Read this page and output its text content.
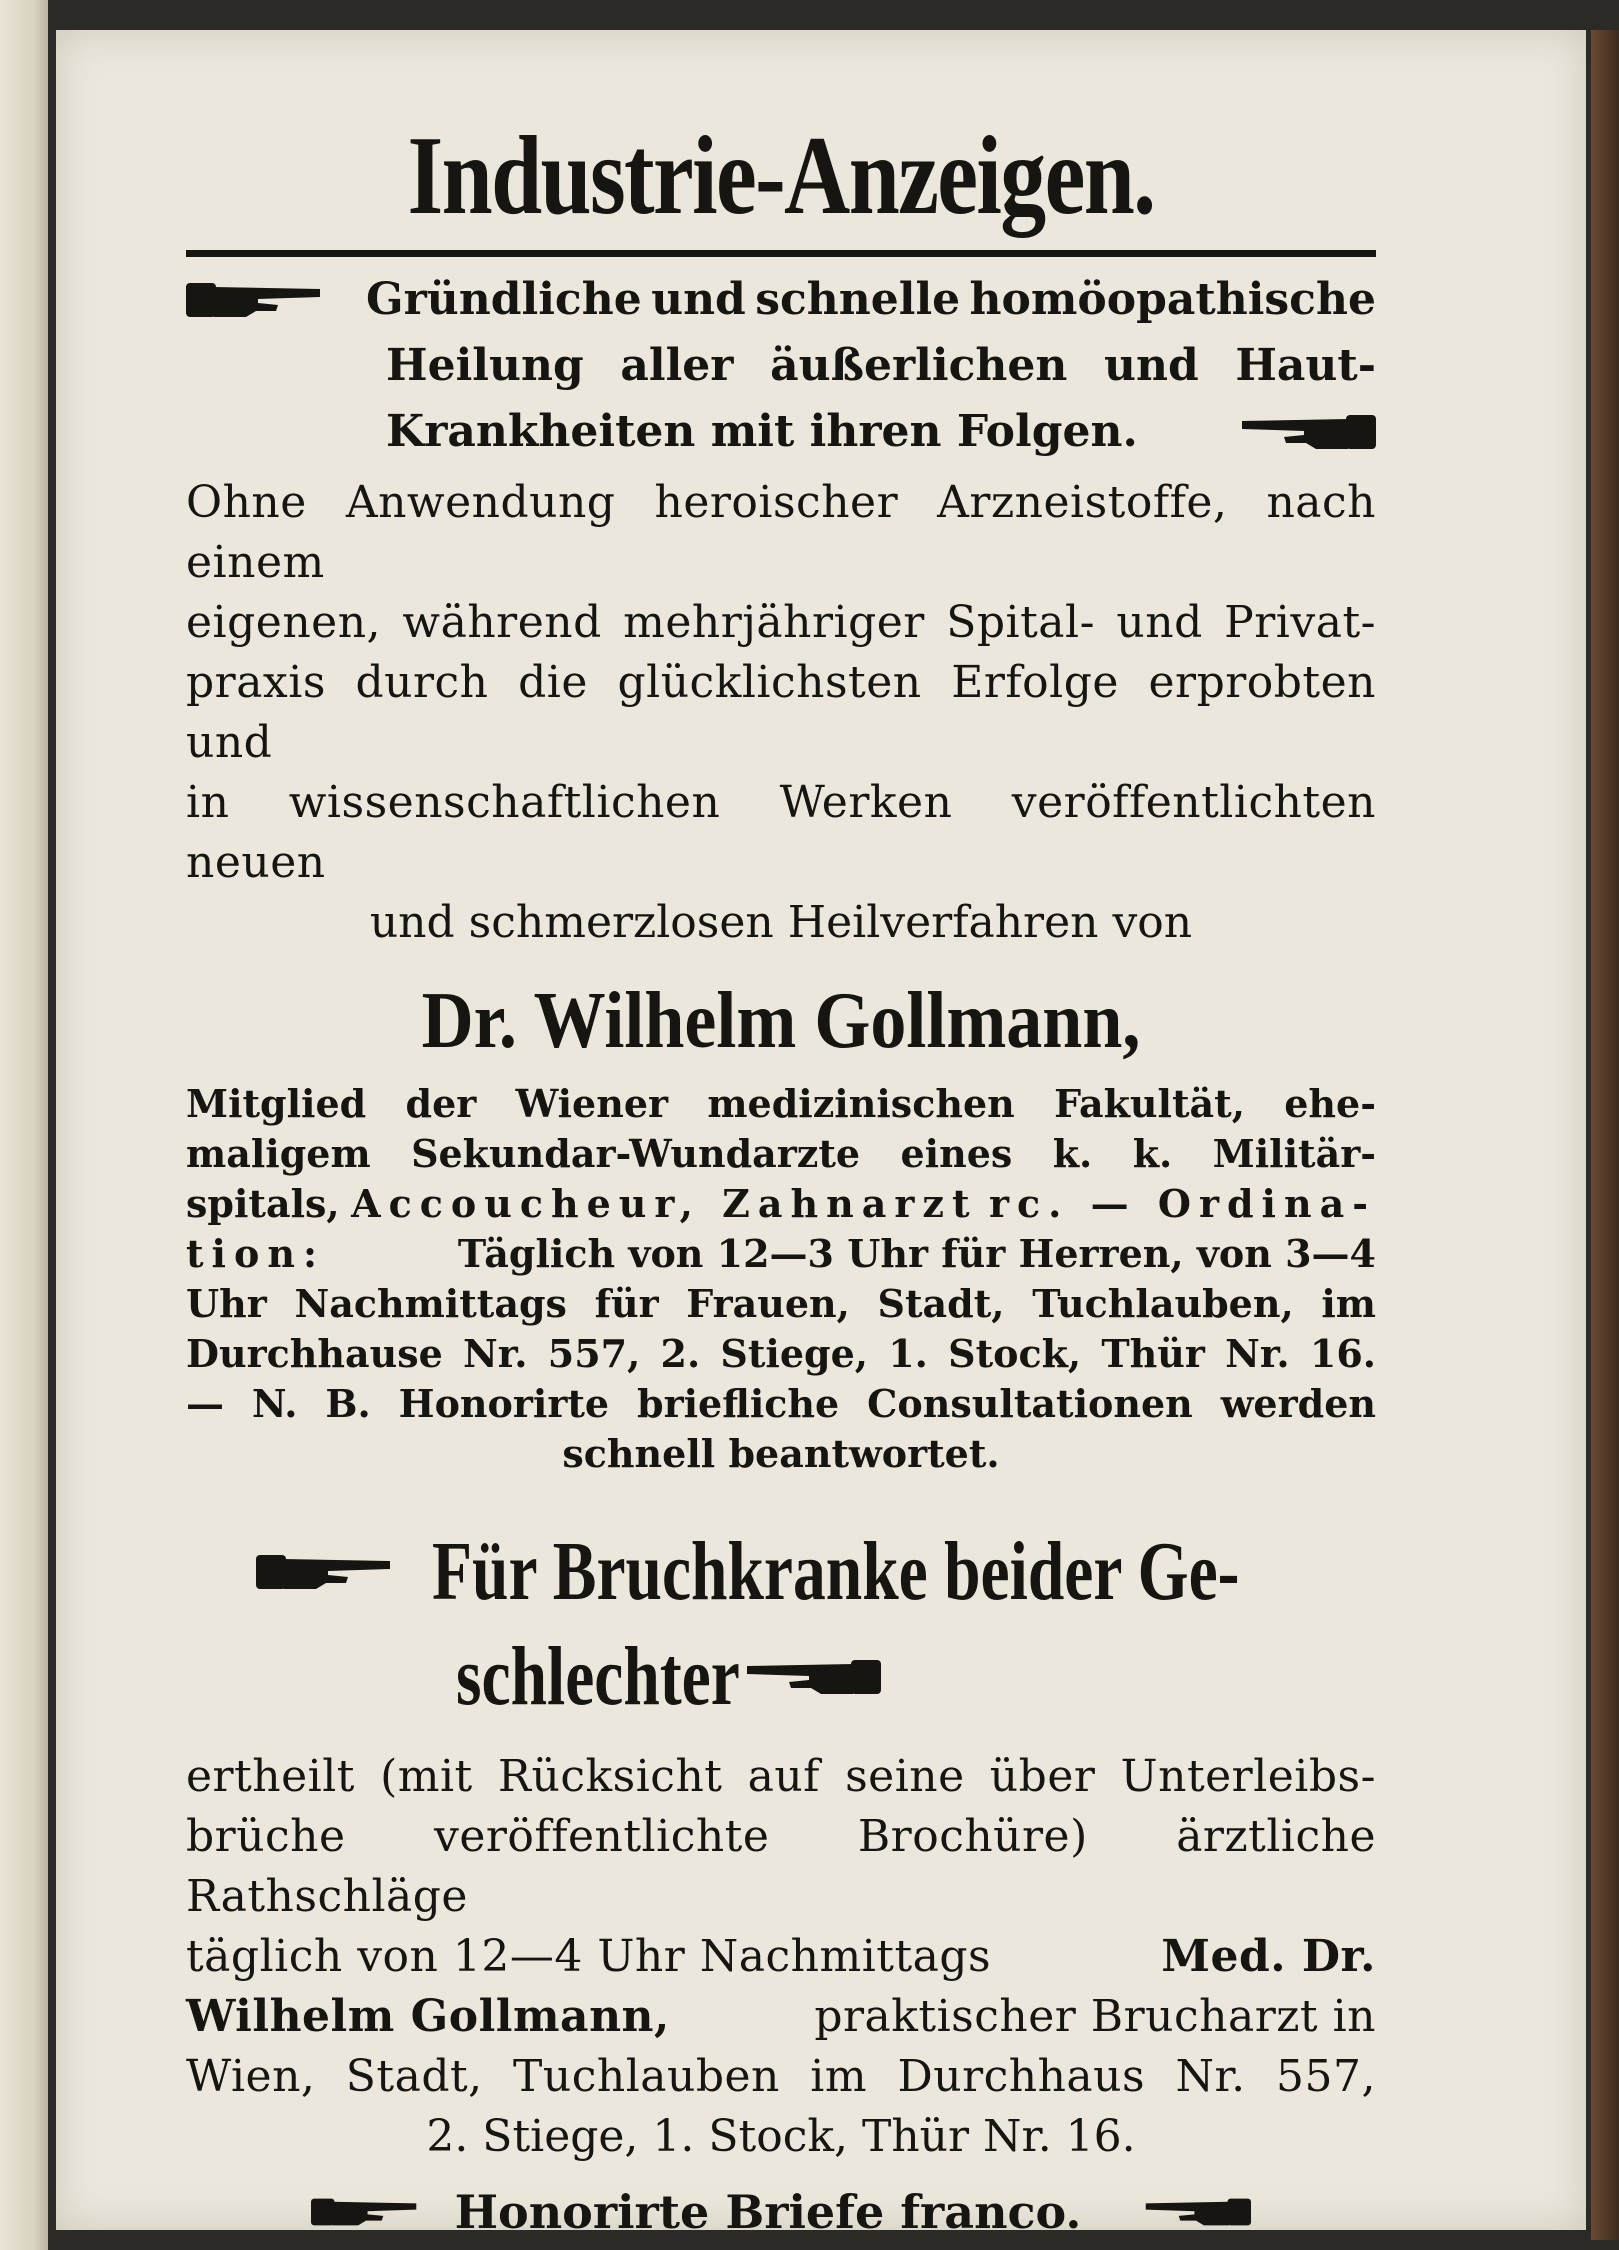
Industrie-Anzeigen.
Gründliche und schnelle homöopathische
Heilung aller äußerlichen und Haut-
Krankheiten mit ihren Folgen.
Ohne Anwendung heroischer Arzneistoffe, nach einem
eigenen, während mehrjähriger Spital- und Privat-
praxis durch die glücklichsten Erfolge erprobten und
in wissenschaftlichen Werken veröffentlichten neuen
und schmerzlosen Heilverfahren von
Dr. Wilhelm Gollmann,
Mitglied der Wiener medizinischen Fakultät, ehe-
maligem Sekundar-Wundarzte eines k. k. Militär-
spitals, Accoucheur, Zahnarzt rc. — Ordina-
tion:	Täglich von 12—3 Uhr für Herren, von 3—4
Uhr Nachmittags für Frauen, Stadt, Tuchlauben, im
Durchhause Nr. 557, 2. Stiege, 1. Stock, Thür Nr. 16.
— N. B. Honorirte briefliche Consultationen werden
schnell beantwortet.
Für Bruchkranke beider Ge-
schlechter
ertheilt (mit Rücksicht auf seine über Unterleibs-
brüche veröffentlichte Brochüre) ärztliche Rathschläge
täglich von 12—4 Uhr Nachmittags	Med. Dr.
Wilhelm Gollmann,	praktischer Brucharzt in
Wien, Stadt, Tuchlauben im Durchhaus Nr. 557,
2. Stiege, 1. Stock, Thür Nr. 16.
Honorirte Briefe franco.
